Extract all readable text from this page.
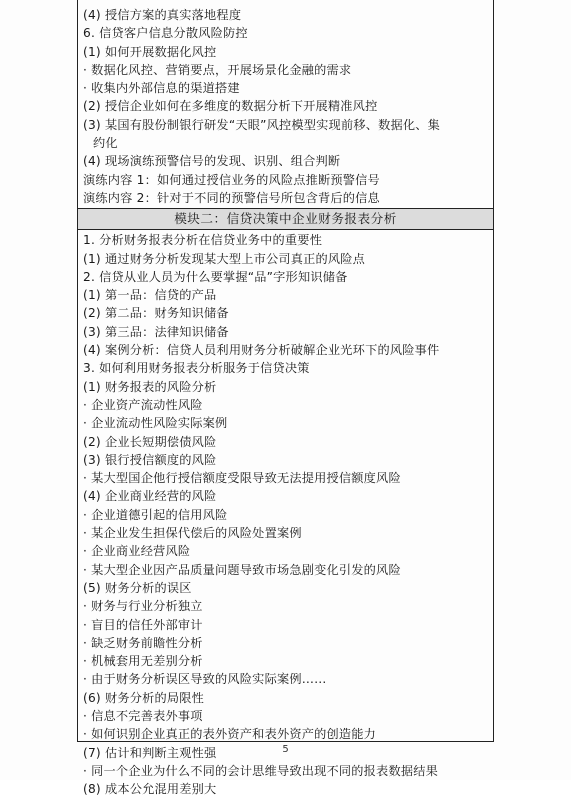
(4) 授信方案的真实落地程度
6. 信贷客户信息分散风险防控
(1) 如何开展数据化风控
· 数据化风控、营销要点，开展场景化金融的需求
· 收集内外部信息的渠道搭建
(2) 授信企业如何在多维度的数据分析下开展精准风控
(3) 某国有股份制银行研发“天眼”风控模型实现前移、数据化、集
约化
(4) 现场演练预警信号的发现、识别、组合判断
演练内容 1：如何通过授信业务的风险点推断预警信号
演练内容 2：针对于不同的预警信号所包含背后的信息
模块二：信贷决策中企业财务报表分析
1. 分析财务报表分析在信贷业务中的重要性
(1) 通过财务分析发现某大型上市公司真正的风险点
2. 信贷从业人员为什么要掌握“品”字形知识储备
(1) 第一品：信贷的产品
(2) 第二品：财务知识储备
(3) 第三品：法律知识储备
(4) 案例分析：信贷人员利用财务分析破解企业光环下的风险事件
3. 如何利用财务报表分析服务于信贷决策
(1) 财务报表的风险分析
· 企业资产流动性风险
· 企业流动性风险实际案例
(2) 企业长短期偿债风险
(3) 银行授信额度的风险
· 某大型国企他行授信额度受限导致无法提用授信额度风险
(4) 企业商业经营的风险
· 企业道德引起的信用风险
· 某企业发生担保代偿后的风险处置案例
· 企业商业经营风险
· 某大型企业因产品质量问题导致市场急剧变化引发的风险
(5) 财务分析的误区
· 财务与行业分析独立
· 盲目的信任外部审计
· 缺乏财务前瞻性分析
· 机械套用无差别分析
· 由于财务分析误区导致的风险实际案例……
(6) 财务分析的局限性
· 信息不完善表外事项
· 如何识别企业真正的表外资产和表外资产的创造能力
(7) 估计和判断主观性强
· 同一个企业为什么不同的会计思维导致出现不同的报表数据结果
(8) 成本公允混用差别大
5
